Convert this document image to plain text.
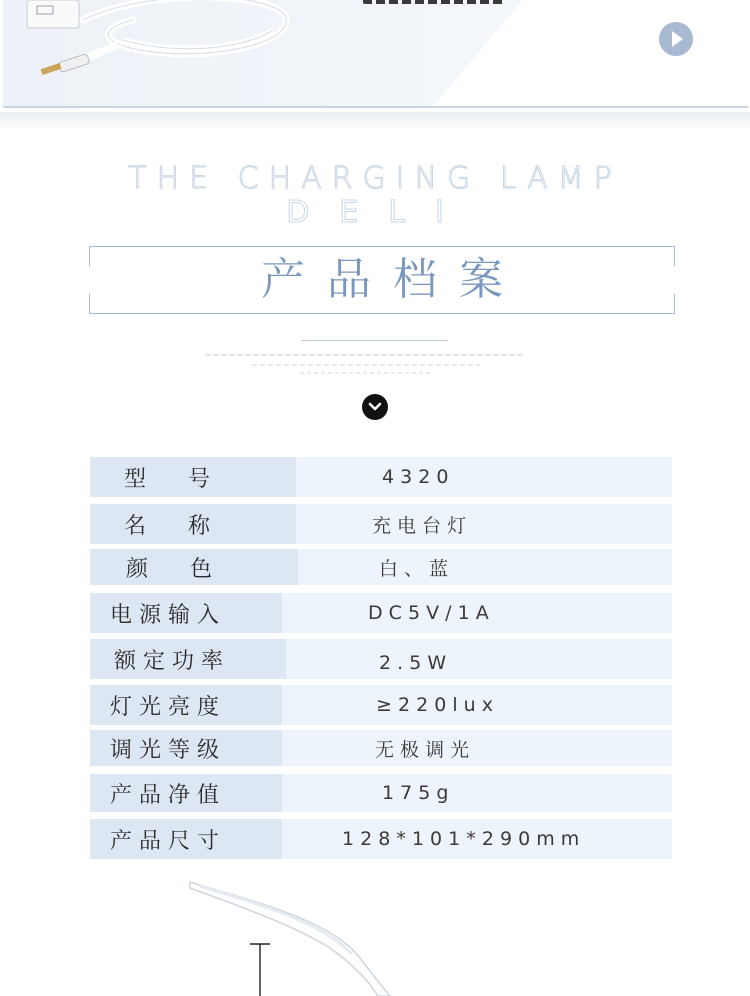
THE CHARGING LAMP
DELI
产品档案
型      号	4 3 2 0
名      称	充 电 台 灯
颜      色	白 、 蓝
电 源 输 入	D C 5 V / 1 A
额 定 功 率	2 . 5 W
灯 光 亮 度	≥ 2 2 0 l u x
调 光 等 级	无 极 调 光
产 品 净 值	1 7 5 g
产 品 尺 寸	1 2 8 * 1 0 1 * 2 9 0 m m
